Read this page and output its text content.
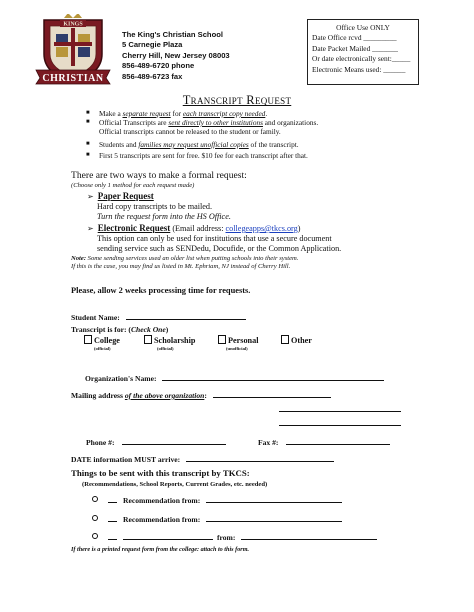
KINGS
CHRISTIAN
The King's Christian School
5 Carnegie Plaza
Cherry Hill, New Jersey 08003
856-489-6720 phone
856-489-6723 fax
Office Use ONLY
Date Office rcvd _________
Date Packet Mailed _______
Or date electronically sent:_____
Electronic Means used: ______
Transcript Request
■ Make a separate request for each transcript copy needed.
■ Official Transcripts are sent directly to other institutions and organizations.
Official transcripts cannot be released to the student or family.
■ Students and families may request unofficial copies of the transcript.
■ First 5 transcripts are sent for free. $10 fee for each transcript after that.
There are two ways to make a formal request:
(Choose only 1 method for each request made)
➢ Paper Request
Hard copy transcripts to be mailed.
Turn the request form into the HS Office.
➢ Electronic Request (Email address: collegeapps@tkcs.org)
This option can only be used for institutions that use a secure document
sending service such as SENDedu, Docufide, or the Common Application.
Note: Some sending services used an older list when putting schools into their system.
If this is the case, you may find us listed in Mt. Ephriam, NJ instead of Cherry Hill.
Please, allow 2 weeks processing time for requests.
Student Name:
Transcript is for: (Check One)
College	Scholarship	Personal	Other
(official)	(official)	(unofficial)
Organization's Name:
Mailing address of the above organization:
Phone #:	Fax #:
DATE information MUST arrive:
Things to be sent with this transcript by TKCS:
(Recommendations, School Reports, Current Grades, etc. needed)
Recommendation from:
Recommendation from:
from:
If there is a printed request form from the college: attach to this form.
